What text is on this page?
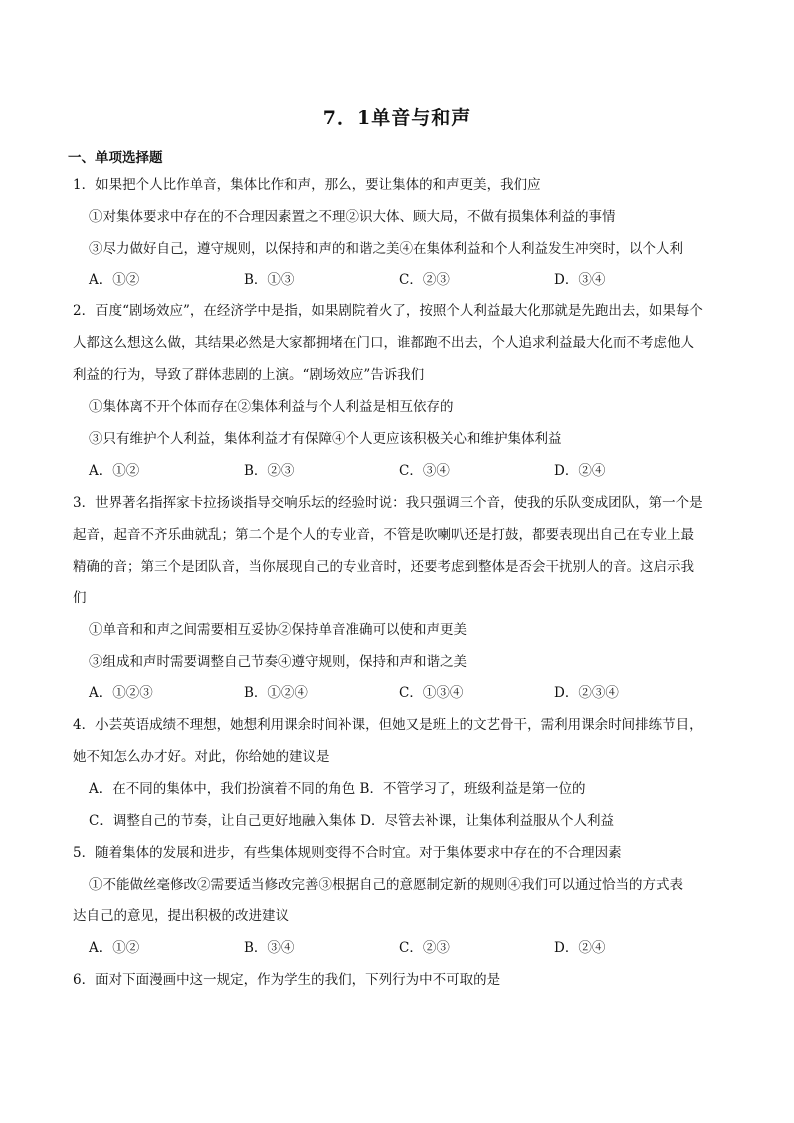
7．1单音与和声
一、单项选择题
1．如果把个人比作单音，集体比作和声，那么，要让集体的和声更美，我们应
①对集体要求中存在的不合理因素置之不理②识大体、顾大局，不做有损集体利益的事情
③尽力做好自己，遵守规则，以保持和声的和谐之美④在集体利益和个人利益发生冲突时，以个人利
A．①②	B．①③	C．②③	D．③④
2．百度“剧场效应”，在经济学中是指，如果剧院着火了，按照个人利益最大化那就是先跑出去，如果每个
人都这么想这么做，其结果必然是大家都拥堵在门口，谁都跑不出去，个人追求利益最大化而不考虑他人
利益的行为，导致了群体悲剧的上演。“剧场效应”告诉我们
①集体离不开个体而存在②集体利益与个人利益是相互依存的
③只有维护个人利益，集体利益才有保障④个人更应该积极关心和维护集体利益
A．①②	B．②③	C．③④	D．②④
3．世界著名指挥家卡拉扬谈指导交响乐坛的经验时说：我只强调三个音，使我的乐队变成团队，第一个是
起音，起音不齐乐曲就乱；第二个是个人的专业音，不管是吹喇叭还是打鼓，都要表现出自己在专业上最
精确的音；第三个是团队音，当你展现自己的专业音时，还要考虑到整体是否会干扰别人的音。这启示我
们
①单音和和声之间需要相互妥协②保持单音准确可以使和声更美
③组成和声时需要调整自己节奏④遵守规则，保持和声和谐之美
A．①②③	B．①②④	C．①③④	D．②③④
4．小芸英语成绩不理想，她想利用课余时间补课，但她又是班上的文艺骨干，需利用课余时间排练节目，
她不知怎么办才好。对此，你给她的建议是
A．在不同的集体中，我们扮演着不同的角色 B．不管学习了，班级利益是第一位的
C．调整自己的节奏，让自己更好地融入集体 D．尽管去补课，让集体利益服从个人利益
5．随着集体的发展和进步，有些集体规则变得不合时宜。对于集体要求中存在的不合理因素
①不能做丝毫修改②需要适当修改完善③根据自己的意愿制定新的规则④我们可以通过恰当的方式表
达自己的意见，提出积极的改进建议
A．①②	B．③④	C．②③	D．②④
6．面对下面漫画中这一规定，作为学生的我们，下列行为中不可取的是
